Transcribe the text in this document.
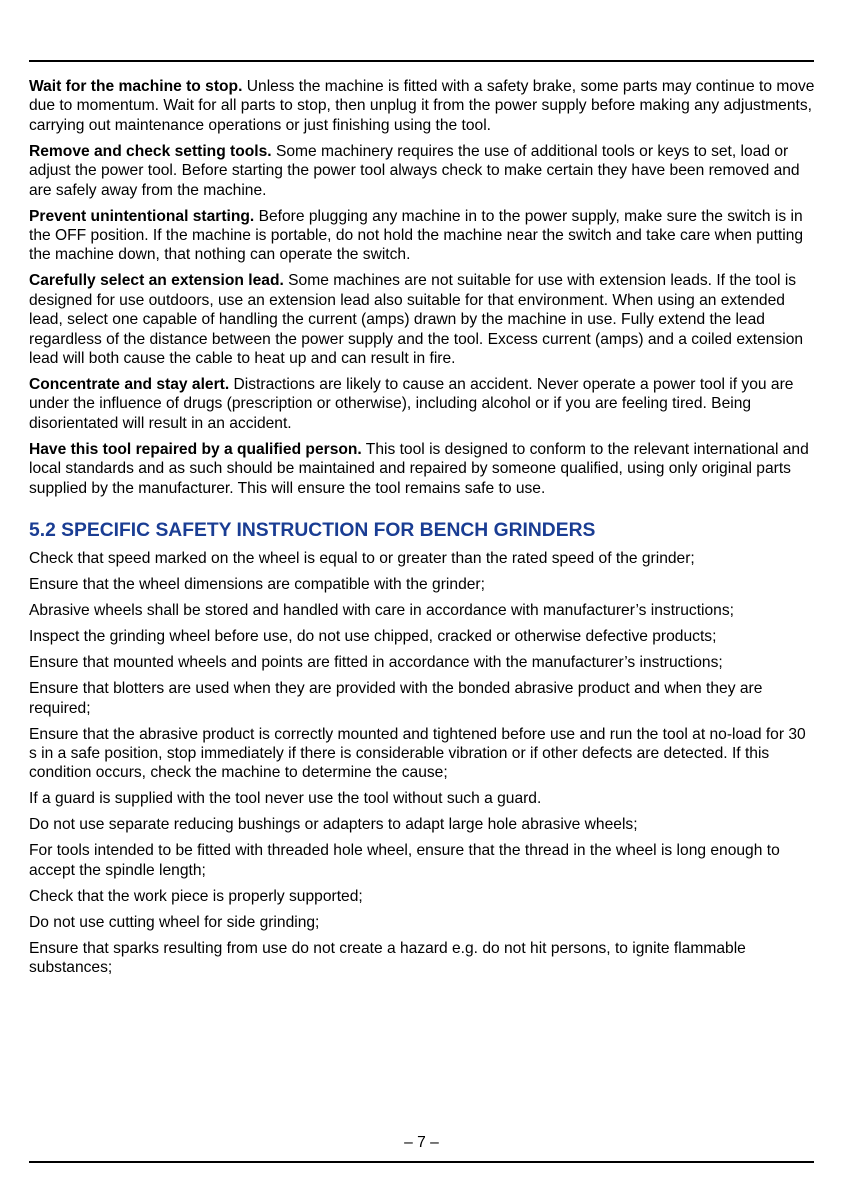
Wait for the machine to stop. Unless the machine is fitted with a safety brake, some parts may continue to move due to momentum. Wait for all parts to stop, then unplug it from the power supply before making any adjustments, carrying out maintenance operations or just finishing using the tool.

Remove and check setting tools. Some machinery requires the use of additional tools or keys to set, load or adjust the power tool. Before starting the power tool always check to make certain they have been removed and are safely away from the machine.

Prevent unintentional starting. Before plugging any machine in to the power supply, make sure the switch is in the OFF position. If the machine is portable, do not hold the machine near the switch and take care when putting the machine down, that nothing can operate the switch.

Carefully select an extension lead. Some machines are not suitable for use with extension leads. If the tool is designed for use outdoors, use an extension lead also suitable for that environment. When using an extended lead, select one capable of handling the current (amps) drawn by the machine in use. Fully extend the lead regardless of the distance between the power supply and the tool. Excess current (amps) and a coiled extension lead will both cause the cable to heat up and can result in fire.

Concentrate and stay alert. Distractions are likely to cause an accident. Never operate a power tool if you are under the influence of drugs (prescription or otherwise), including alcohol or if you are feeling tired. Being disorientated will result in an accident.

Have this tool repaired by a qualified person. This tool is designed to conform to the relevant international and local standards and as such should be maintained and repaired by someone qualified, using only original parts supplied by the manufacturer. This will ensure the tool remains safe to use.

5.2 SPECIFIC SAFETY INSTRUCTION FOR BENCH GRINDERS

Check that speed marked on the wheel is equal to or greater than the rated speed of the grinder;

Ensure that the wheel dimensions are compatible with the grinder;

Abrasive wheels shall be stored and handled with care in accordance with manufacturer’s instructions;

Inspect the grinding wheel before use, do not use chipped, cracked or otherwise defective products;

Ensure that mounted wheels and points are fitted in accordance with the manufacturer’s instructions;

Ensure that blotters are used when they are provided with the bonded abrasive product and when they are required;

Ensure that the abrasive product is correctly mounted and tightened before use and run the tool at no-load for 30 s in a safe position, stop immediately if there is considerable vibration or if other defects are detected. If this condition occurs, check the machine to determine the cause;

If a guard is supplied with the tool never use the tool without such a guard.

Do not use separate reducing bushings or adapters to adapt large hole abrasive wheels;

For tools intended to be fitted with threaded hole wheel, ensure that the thread in the wheel is long enough to accept the spindle length;

Check that the work piece is properly supported;

Do not use cutting wheel for side grinding;

Ensure that sparks resulting from use do not create a hazard e.g. do not hit persons, to ignite flammable substances;

– 7 –
